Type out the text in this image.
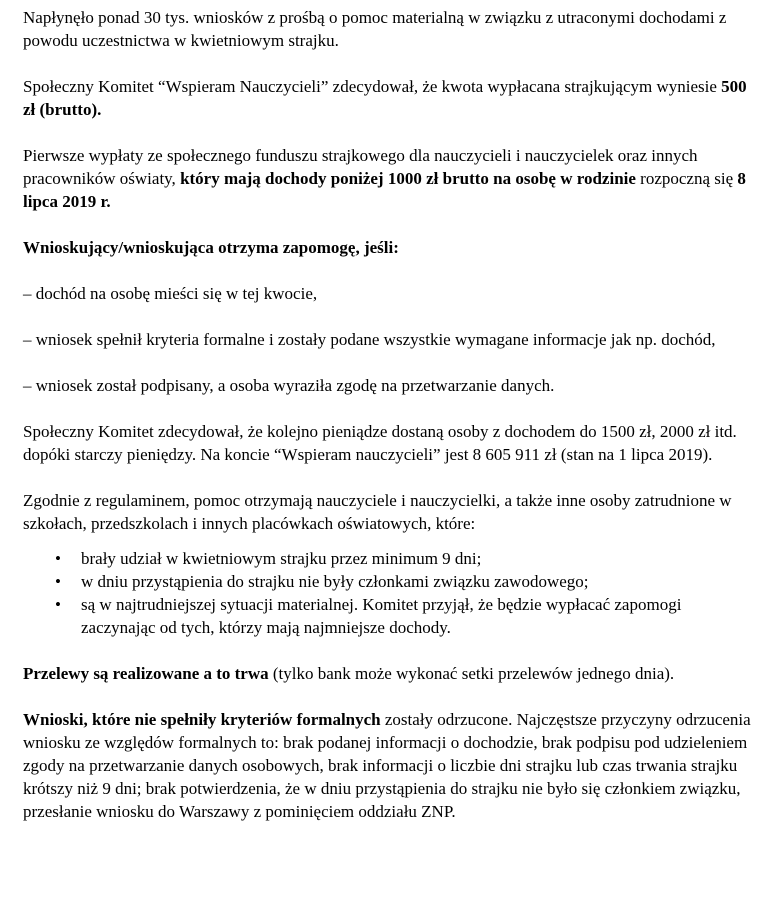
Napłynęło ponad 30 tys. wniosków z prośbą o pomoc materialną w związku z utraconymi dochodami z powodu uczestnictwa w kwietniowym strajku.

Społeczny Komitet “Wspieram Nauczycieli” zdecydował, że kwota wypłacana strajkującym wyniesie 500 zł (brutto).

Pierwsze wypłaty ze społecznego funduszu strajkowego dla nauczycieli i nauczycielek oraz innych pracowników oświaty, który mają dochody poniżej 1000 zł brutto na osobę w rodzinie rozpoczną się 8 lipca 2019 r.

Wnioskujący/wnioskująca otrzyma zapomogę, jeśli:

– dochód na osobę mieści się w tej kwocie,

– wniosek spełnił kryteria formalne i zostały podane wszystkie wymagane informacje jak np. dochód,

– wniosek został podpisany, a osoba wyraziła zgodę na przetwarzanie danych.

Społeczny Komitet zdecydował, że kolejno pieniądze dostaną osoby z dochodem do 1500 zł, 2000 zł itd. dopóki starczy pieniędzy. Na koncie “Wspieram nauczycieli” jest 8 605 911 zł (stan na 1 lipca 2019).

Zgodnie z regulaminem, pomoc otrzymają nauczyciele i nauczycielki, a także inne osoby zatrudnione w szkołach, przedszkolach i innych placówkach oświatowych, które:

• brały udział w kwietniowym strajku przez minimum 9 dni;
• w dniu przystąpienia do strajku nie były członkami związku zawodowego;
• są w najtrudniejszej sytuacji materialnej. Komitet przyjął, że będzie wypłacać zapomogi zaczynając od tych, którzy mają najmniejsze dochody.

Przelewy są realizowane a to trwa (tylko bank może wykonać setki przelewów jednego dnia).

Wnioski, które nie spełniły kryteriów formalnych zostały odrzucone. Najczęstsze przyczyny odrzucenia wniosku ze względów formalnych to: brak podanej informacji o dochodzie, brak podpisu pod udzieleniem zgody na przetwarzanie danych osobowych, brak informacji o liczbie dni strajku lub czas trwania strajku krótszy niż 9 dni; brak potwierdzenia, że w dniu przystąpienia do strajku nie było się członkiem związku, przesłanie wniosku do Warszawy z pominięciem oddziału ZNP.
